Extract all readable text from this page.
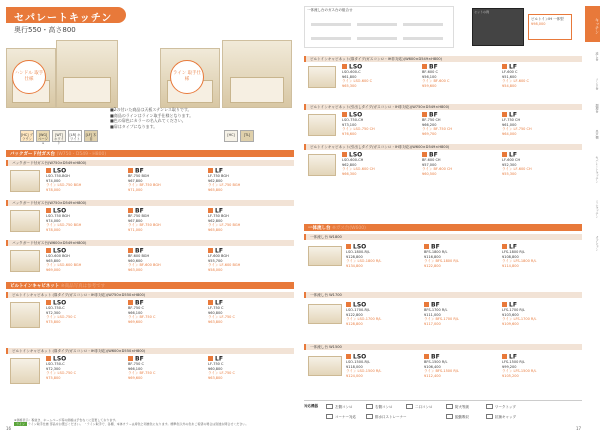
セパレートキッチン
奥行550・高さ800
ハンドル 取手仕様
ライン 取手仕様
■2の付いた商品は天板ステンレス取りです。
■商品のラインはライン取手仕様となります。
■色の扉色にカラーの名入れてください。
■扉はタイプになります。
[HC] ブラウン
[WG] ベージュ
[WT] ホワイト
[LR] ホワイト
[LF] 木目
[HC]	[TL]
バックガード付ガス台 (W750・D549・H800)
バックガード付ガス台(W750×D549×H800)
LSO
LSO-750-BGH
¥74,000
ライン LSO-750 BGH
¥78,000
BF
BF-750 BGH
¥67,800
ライン BF-750 BGH
¥71,000
LF
LF-750 BGH
¥62,800
ライン LF-750 BGH
¥65,800
バックガード付ガス台(W750×D549×H800)
LSO
LSO-750 BGH
¥74,000
ライン LSO-750 BGH
¥78,000
BF
BF-750 BGH
¥67,800
ライン BF-750 BGH
¥71,000
LF
LF-750 BGH
¥62,800
ライン LF-750 BGH
¥65,800
バックガード付ガス台(W600×D549×H800)
LSO
LSO-600 BGH
¥65,800
ライン LSO-600 BGH
¥69,000
BF
BF-600 BGH
¥60,600
ライン BF-600 BGH
¥63,000
LF
LF-600 BGH
¥55,700
ライン LF-600 BGH
¥58,000
ビルトインキャビネット ※商品写真は参考です
ビルトインキャビネット (扉タイプ/ガスコンロ・IH非対応)(W750×D550×H800)
LSO
LSO-750-C
¥72,300
ライン LSO-750 C
¥75,800
BF
BF-750 C
¥66,100
ライン BF-750 C
¥69,600
LF
LF-750 C
¥60,800
ライン LF-750 C
¥63,800
ビルトインキャビネット (扉タイプ/ガスコンロ・IH非対応)(W600×D550×H800)
LSO
LSO-750-C
¥72,300
ライン LSO-750 C
¥75,800
BF
BF-750 C
¥66,100
ライン BF-750 C
¥69,600
LF
LF-750 C
¥60,800
ライン LF-750 C
¥63,800
※価格表示：税抜き、ホームページ等の価格は予告なくに変更しております。
ライン ライン取手仕様 部品をお選びください。 ・ライン取手で、各棚、本体カラーは扉色と同様色になります。標準色以外の色をご希望の場合は別途お問合せください。
16
一体流し台のガス台の組合せ	セットの例
ビルトインIH 一体型
¥98,000
ビルトインキャビネット(扉タイプ/ガスコンロ・IH非対応)(W600×D549×H800)
LSO
LSO-600-C
¥61,800
ライン LSO-600 C
¥65,300
BF
BF-600 C
¥56,100
ライン BF-600 C
¥59,600
LF
LF-600 C
¥51,600
ライン LF-600 C
¥54,800
ビルトインキャビネット(引出しタイプ/ガスコンロ・IH非対応)(W750×D549×H800)
LSO
LSO-750-CH
¥73,100
ライン LSO-750 CH
¥76,600
BF
BF-750 CH
¥66,200
ライン BF-750 CH
¥69,700
LF
LF-750 CH
¥61,000
ライン LF-750 CH
¥64,000
ビルトインキャビネット(引出しタイプ/ガスコンロ・IH非対応)(W600×D549×H800)
LSO
LSO-600-CH
¥62,800
ライン LSO-600 CH
¥66,300
BF
BF-600 CH
¥57,000
ライン BF-600 CH
¥60,500
LF
LF-600 CH
¥52,300
ライン LF-600 CH
¥55,300
一体流し台 ※ガス台(W600)
一体流し台 W1800
LSO
LSO-1800-R/L
¥128,800
ライン LSO-1800 R/L
¥134,800
BF
BFS-1800 R/L
¥116,800
ライン BFS-1800 R/L
¥122,800
LF
LFS-1800 R/L
¥108,800
ライン LFS-1800 R/L
¥114,800
一体流し台 W1700
LSO
LSO-1700-R/L
¥122,800
ライン LSO-1700 R/L
¥128,800
BF
BFS-1700 R/L
¥111,000
ライン BFS-1700 R/L
¥117,000
LF
LFS-1700 R/L
¥103,600
ライン LFS-1700 R/L
¥109,600
一体流し台 W1500
LSO
LSO-1500-R/L
¥118,000
ライン LSO-1500 R/L
¥124,000
BF
BFS-1500 R/L
¥106,400
ライン BFS-1500 R/L
¥112,400
LF
LFS-1500 R/L
¥99,200
ライン LFS-1500 R/L
¥105,200
対応機器	左側コンロ	右側コンロ	二口コンロ	防火等級	ワークトップ
コーナー対応	排水口ストレーナー	振動吸収	抗菌キャップ
17
キッチン
流し台
コンロ台
調理台
吊戸棚
セパレートキッチン
ミニキッチン
オプション
